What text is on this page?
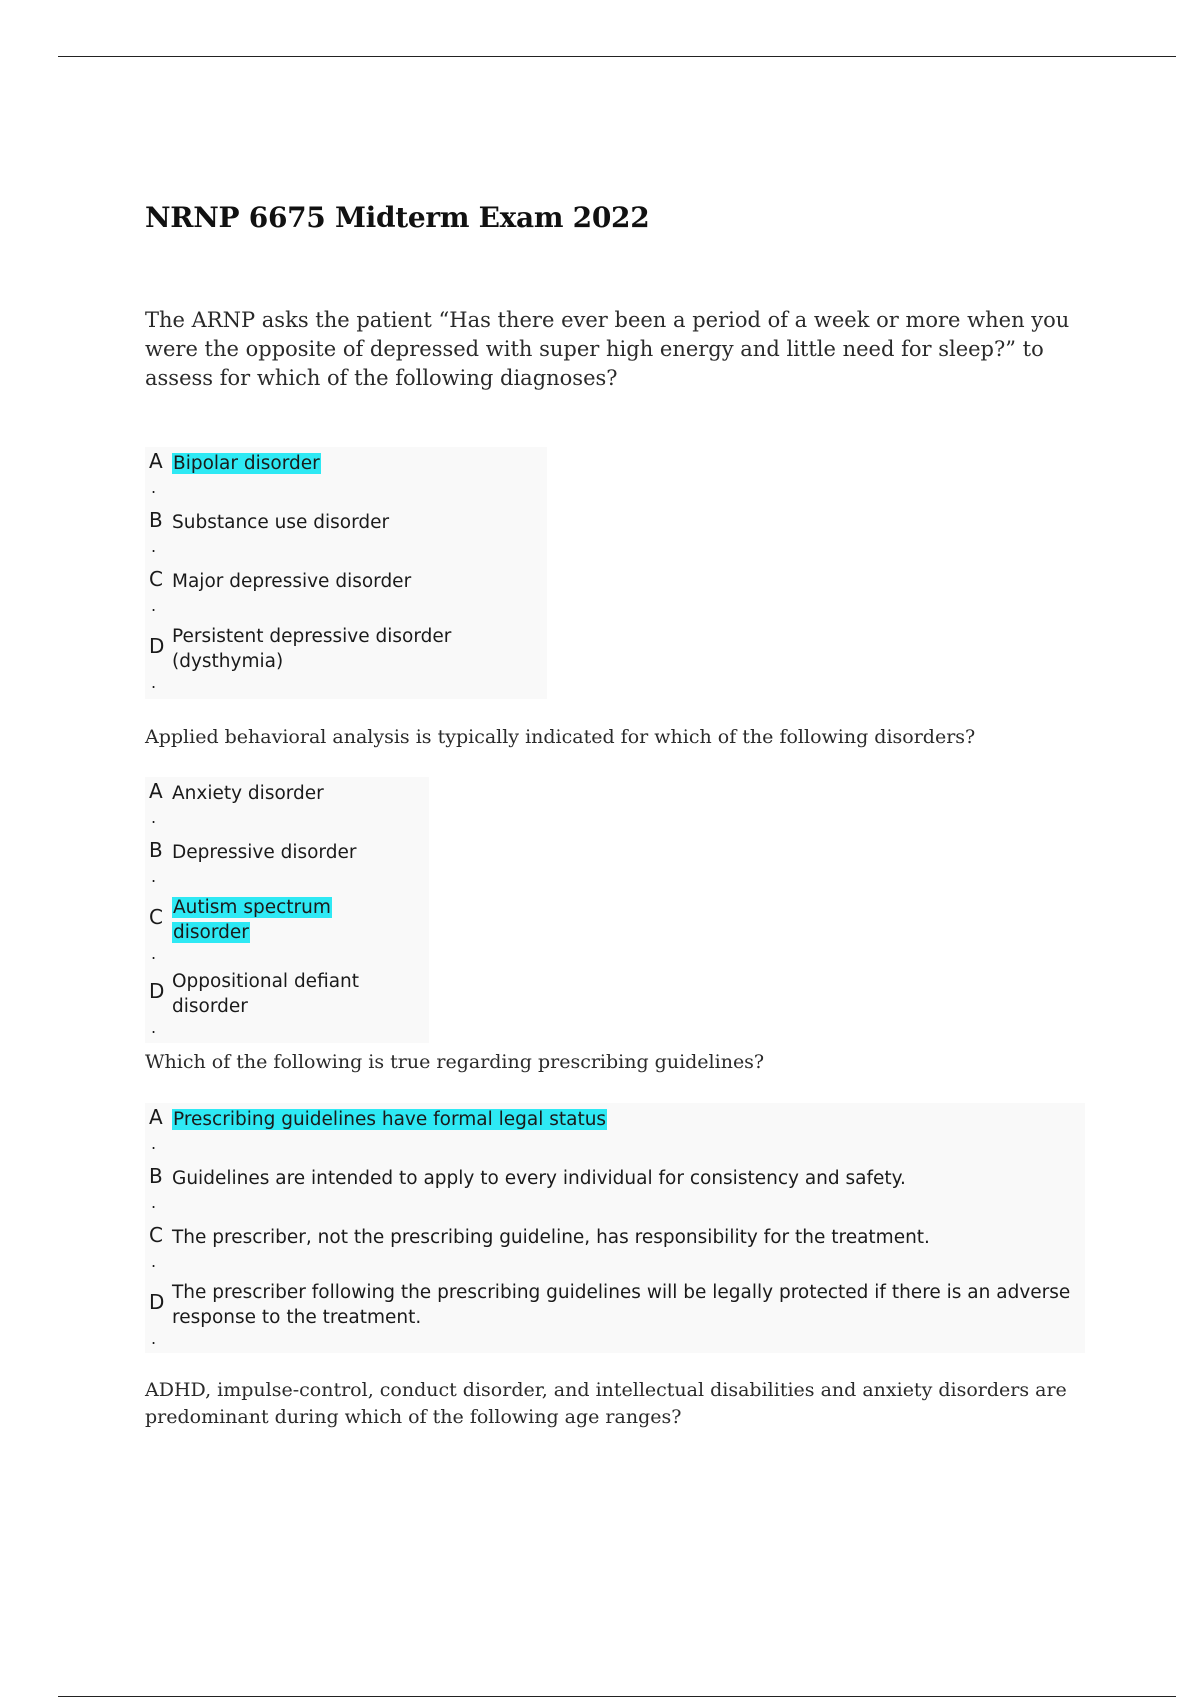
NRNP 6675 Midterm Exam 2022

The ARNP asks the patient “Has there ever been a period of a week or more when you were the opposite of depressed with super high energy and little need for sleep?” to assess for which of the following diagnoses?

A Bipolar disorder
.
B Substance use disorder
.
C Major depressive disorder
.
D Persistent depressive disorder (dysthymia)
.

Applied behavioral analysis is typically indicated for which of the following disorders?

A Anxiety disorder
.
B Depressive disorder
.
C Autism spectrum disorder
.
D Oppositional defiant disorder
.

Which of the following is true regarding prescribing guidelines?

A Prescribing guidelines have formal legal status
.
B Guidelines are intended to apply to every individual for consistency and safety.
.
C The prescriber, not the prescribing guideline, has responsibility for the treatment.
.
D The prescriber following the prescribing guidelines will be legally protected if there is an adverse response to the treatment.
.

ADHD, impulse-control, conduct disorder, and intellectual disabilities and anxiety disorders are predominant during which of the following age ranges?
